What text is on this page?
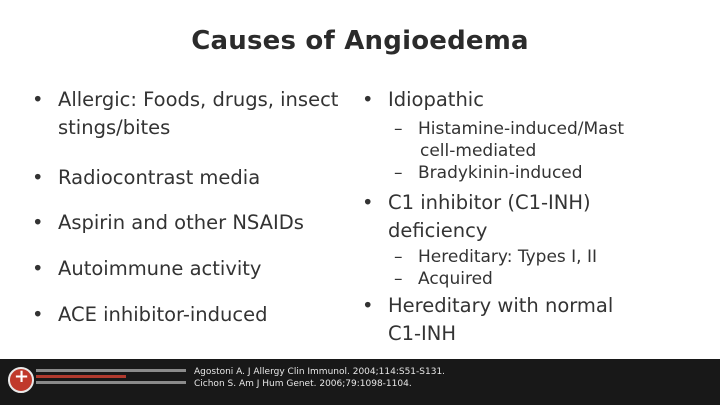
Causes of Angioedema
• Allergic: Foods, drugs, insect
stings/bites
• Radiocontrast media
• Aspirin and other NSAIDs
• Autoimmune activity
• ACE inhibitor-induced
• Idiopathic
– Histamine-induced/Mast
cell-mediated
– Bradykinin-induced
• C1 inhibitor (C1-INH)
deficiency
– Hereditary: Types I, II
– Acquired
• Hereditary with normal
C1-INH
+
Agostoni A. J Allergy Clin Immunol. 2004;114:S51-S131.
Cichon S. Am J Hum Genet. 2006;79:1098-1104.
